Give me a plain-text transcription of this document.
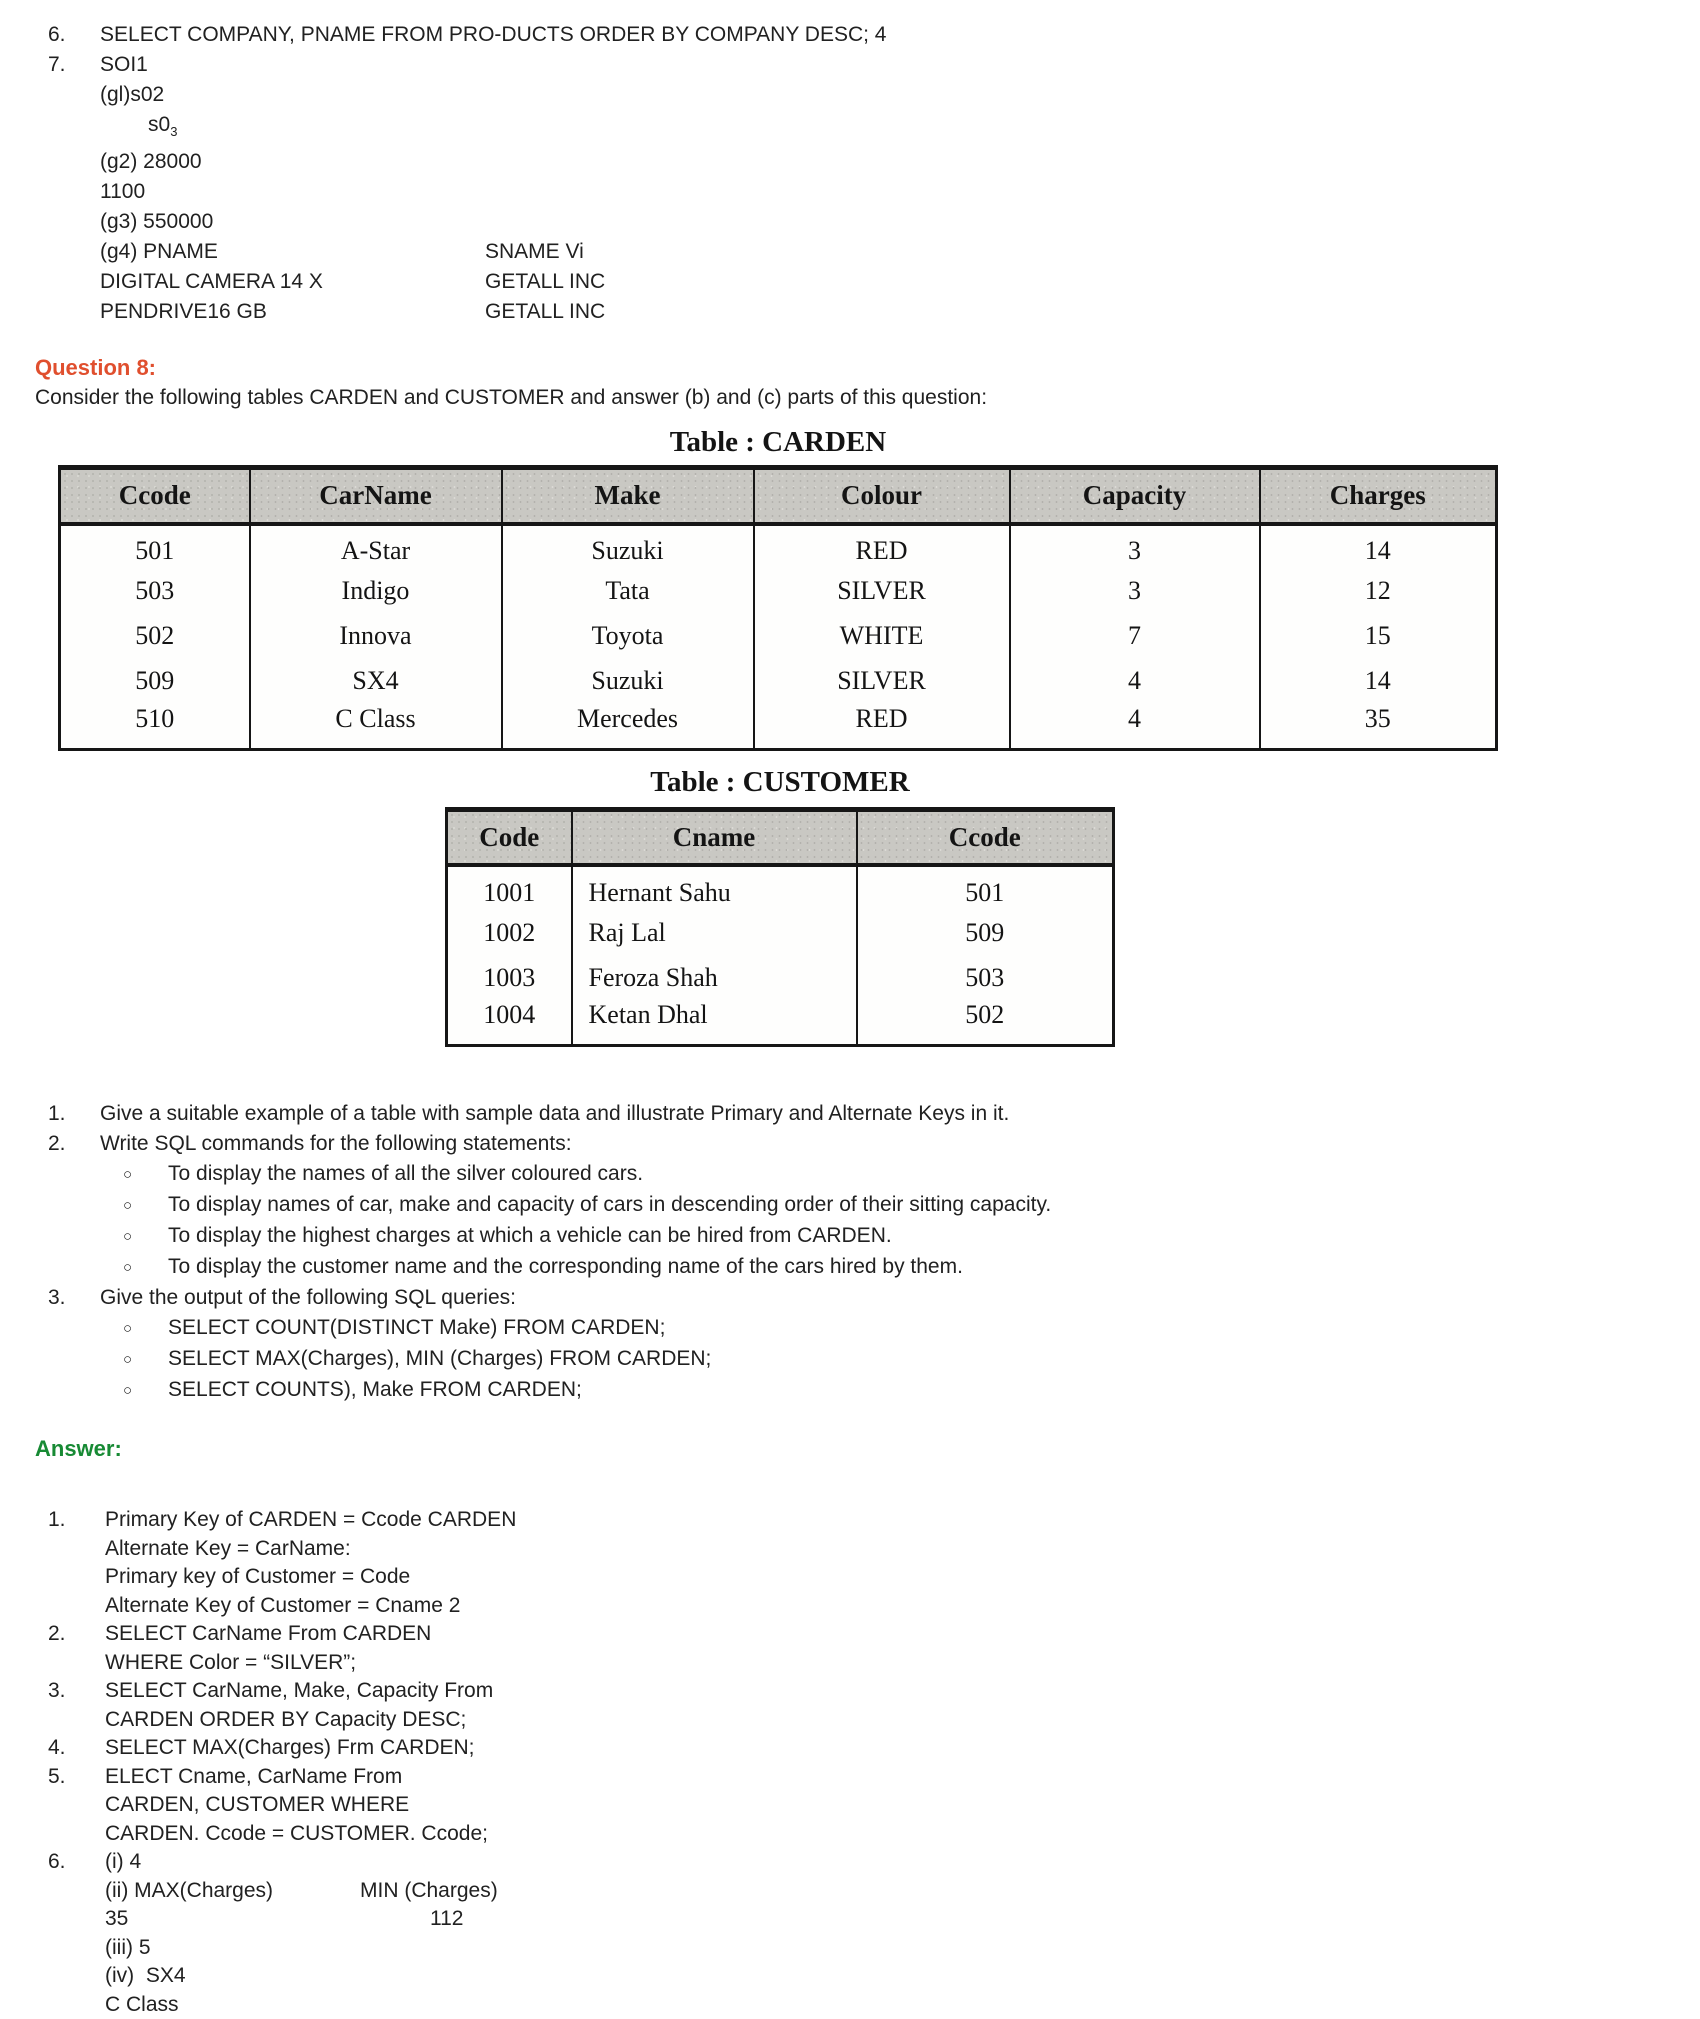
6.	SELECT COMPANY, PNAME FROM PRO-DUCTS ORDER BY COMPANY DESC; 4
7.	SOI1
(gl)s02
$s0_3$
(g2) 28000
1100
(g3) 550000
(g4) PNAME	SNAME Vi
DIGITAL CAMERA 14 X	GETALL INC
PENDRIVE16 GB	GETALL INC
Question 8:

Consider the following tables CARDEN and CUSTOMER and answer (b) and (c) parts of this question:

Table : CARDEN
Ccode	CarName	Make	Colour	Capacity	Charges
501	A-Star	Suzuki	RED	3	14
503	Indigo	Tata	SILVER	3	12
502	Innova	Toyota	WHITE	7	15
509	SX4	Suzuki	SILVER	4	14
510	C Class	Mercedes	RED	4	35
Table : CUSTOMER
Code	Cname	Ccode
1001	Hernant Sahu	501
1002	Raj Lal	509
1003	Feroza Shah	503
1004	Ketan Dhal	502
1.	Give a suitable example of a table with sample data and illustrate Primary and Alternate Keys in it.
2.	Write SQL commands for the following statements:
○	To display the names of all the silver coloured cars.
○	To display names of car, make and capacity of cars in descending order of their sitting capacity.
○	To display the highest charges at which a vehicle can be hired from CARDEN.
○	To display the customer name and the corresponding name of the cars hired by them.
3.	Give the output of the following SQL queries:
○	SELECT COUNT(DISTINCT Make) FROM CARDEN;
○	SELECT MAX(Charges), MIN (Charges) FROM CARDEN;
○	SELECT COUNTS), Make FROM CARDEN;
Answer:
1.	Primary Key of CARDEN = Ccode CARDEN
Alternate Key = CarName:
Primary key of Customer = Code
Alternate Key of Customer = Cname 2
2.	SELECT CarName From CARDEN
WHERE Color = “SILVER”;
3.	SELECT CarName, Make, Capacity From
CARDEN ORDER BY Capacity DESC;
4.	SELECT MAX(Charges) Frm CARDEN;
5.	ELECT Cname, CarName From
CARDEN, CUSTOMER WHERE
CARDEN. Ccode = CUSTOMER. Ccode;
6.	(i) 4
(ii) MAX(Charges)	MIN (Charges)
35	112
(iii) 5
(iv)  SX4
C Class
